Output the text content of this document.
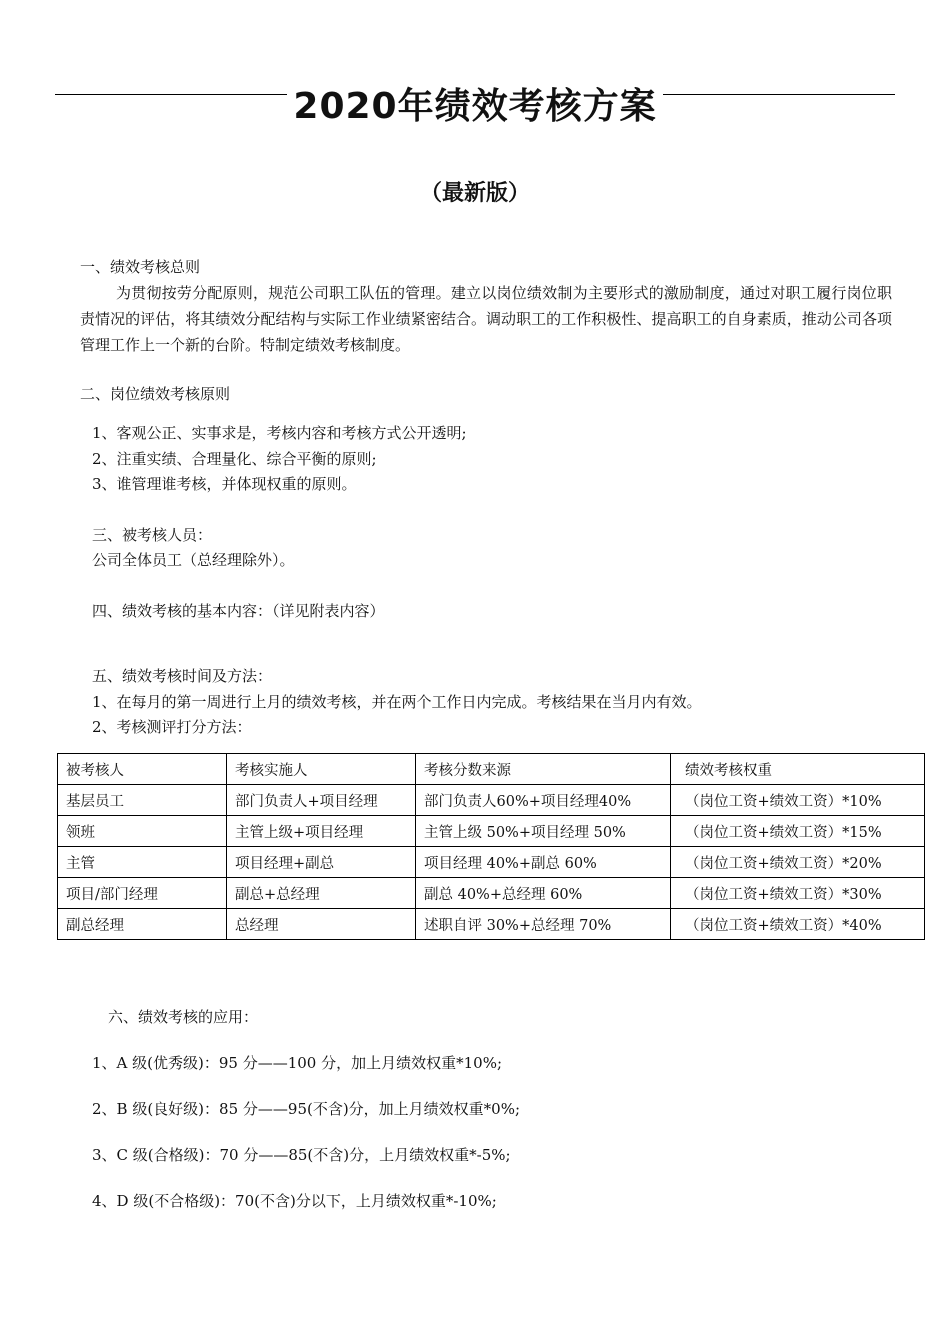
2020年绩效考核方案
（最新版）
一、绩效考核总则
为贯彻按劳分配原则，规范公司职工队伍的管理。建立以岗位绩效制为主要形式的激励制度，通过对职工履行岗位职责情况的评估，将其绩效分配结构与实际工作业绩紧密结合。调动职工的工作积极性、提高职工的自身素质，推动公司各项管理工作上一个新的台阶。特制定绩效考核制度。
二、岗位绩效考核原则
1、客观公正、实事求是，考核内容和考核方式公开透明;
2、注重实绩、合理量化、综合平衡的原则;
3、谁管理谁考核，并体现权重的原则。
三、被考核人员：
公司全体员工（总经理除外）。
四、绩效考核的基本内容：（详见附表内容）
五、绩效考核时间及方法：
1、在每月的第一周进行上月的绩效考核，并在两个工作日内完成。考核结果在当月内有效。
2、考核测评打分方法：
被考核人	考核实施人	考核分数来源	绩效考核权重
基层员工	部门负责人+项目经理	部门负责人60%+项目经理40%	（岗位工资+绩效工资）*10%
领班	主管上级+项目经理	主管上级 50%+项目经理 50%	（岗位工资+绩效工资）*15%
主管	项目经理+副总	项目经理 40%+副总 60%	（岗位工资+绩效工资）*20%
项目/部门经理	副总+总经理	副总 40%+总经理 60%	（岗位工资+绩效工资）*30%
副总经理	总经理	述职自评 30%+总经理 70%	（岗位工资+绩效工资）*40%
六、绩效考核的应用：
1、A 级(优秀级)：95 分——100 分，加上月绩效权重*10%;
2、B 级(良好级)：85 分——95(不含)分，加上月绩效权重*0%;
3、C 级(合格级)：70 分——85(不含)分，上月绩效权重*-5%;
4、D 级(不合格级)：70(不含)分以下，上月绩效权重*-10%;
